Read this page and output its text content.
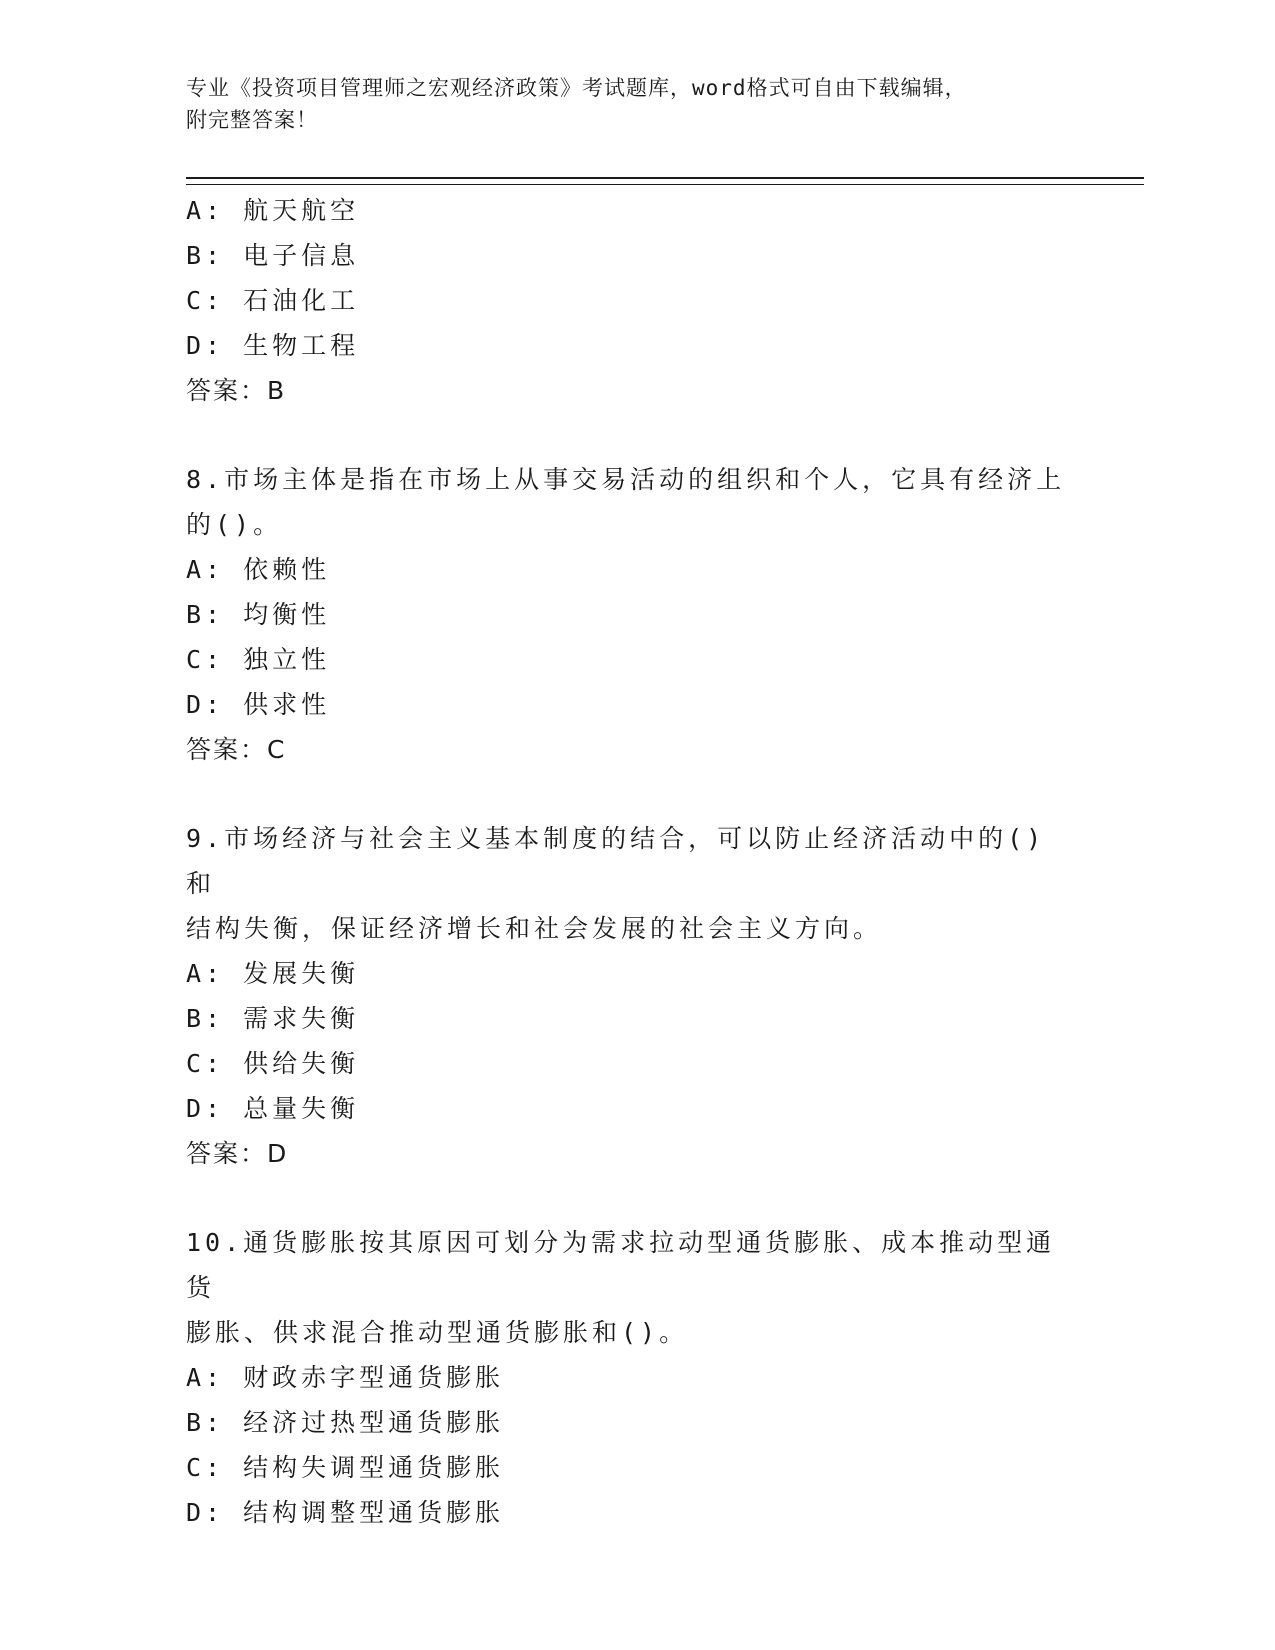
专业《投资项目管理师之宏观经济政策》考试题库，word格式可自由下载编辑，
附完整答案！
A: 航天航空
B: 电子信息
C: 石油化工
D: 生物工程
答案：B
8.市场主体是指在市场上从事交易活动的组织和个人，它具有经济上
的()。
A: 依赖性
B: 均衡性
C: 独立性
D: 供求性
答案：C
9.市场经济与社会主义基本制度的结合，可以防止经济活动中的()和
结构失衡，保证经济增长和社会发展的社会主义方向。
A: 发展失衡
B: 需求失衡
C: 供给失衡
D: 总量失衡
答案：D
10.通货膨胀按其原因可划分为需求拉动型通货膨胀、成本推动型通货
膨胀、供求混合推动型通货膨胀和()。
A: 财政赤字型通货膨胀
B: 经济过热型通货膨胀
C: 结构失调型通货膨胀
D: 结构调整型通货膨胀
